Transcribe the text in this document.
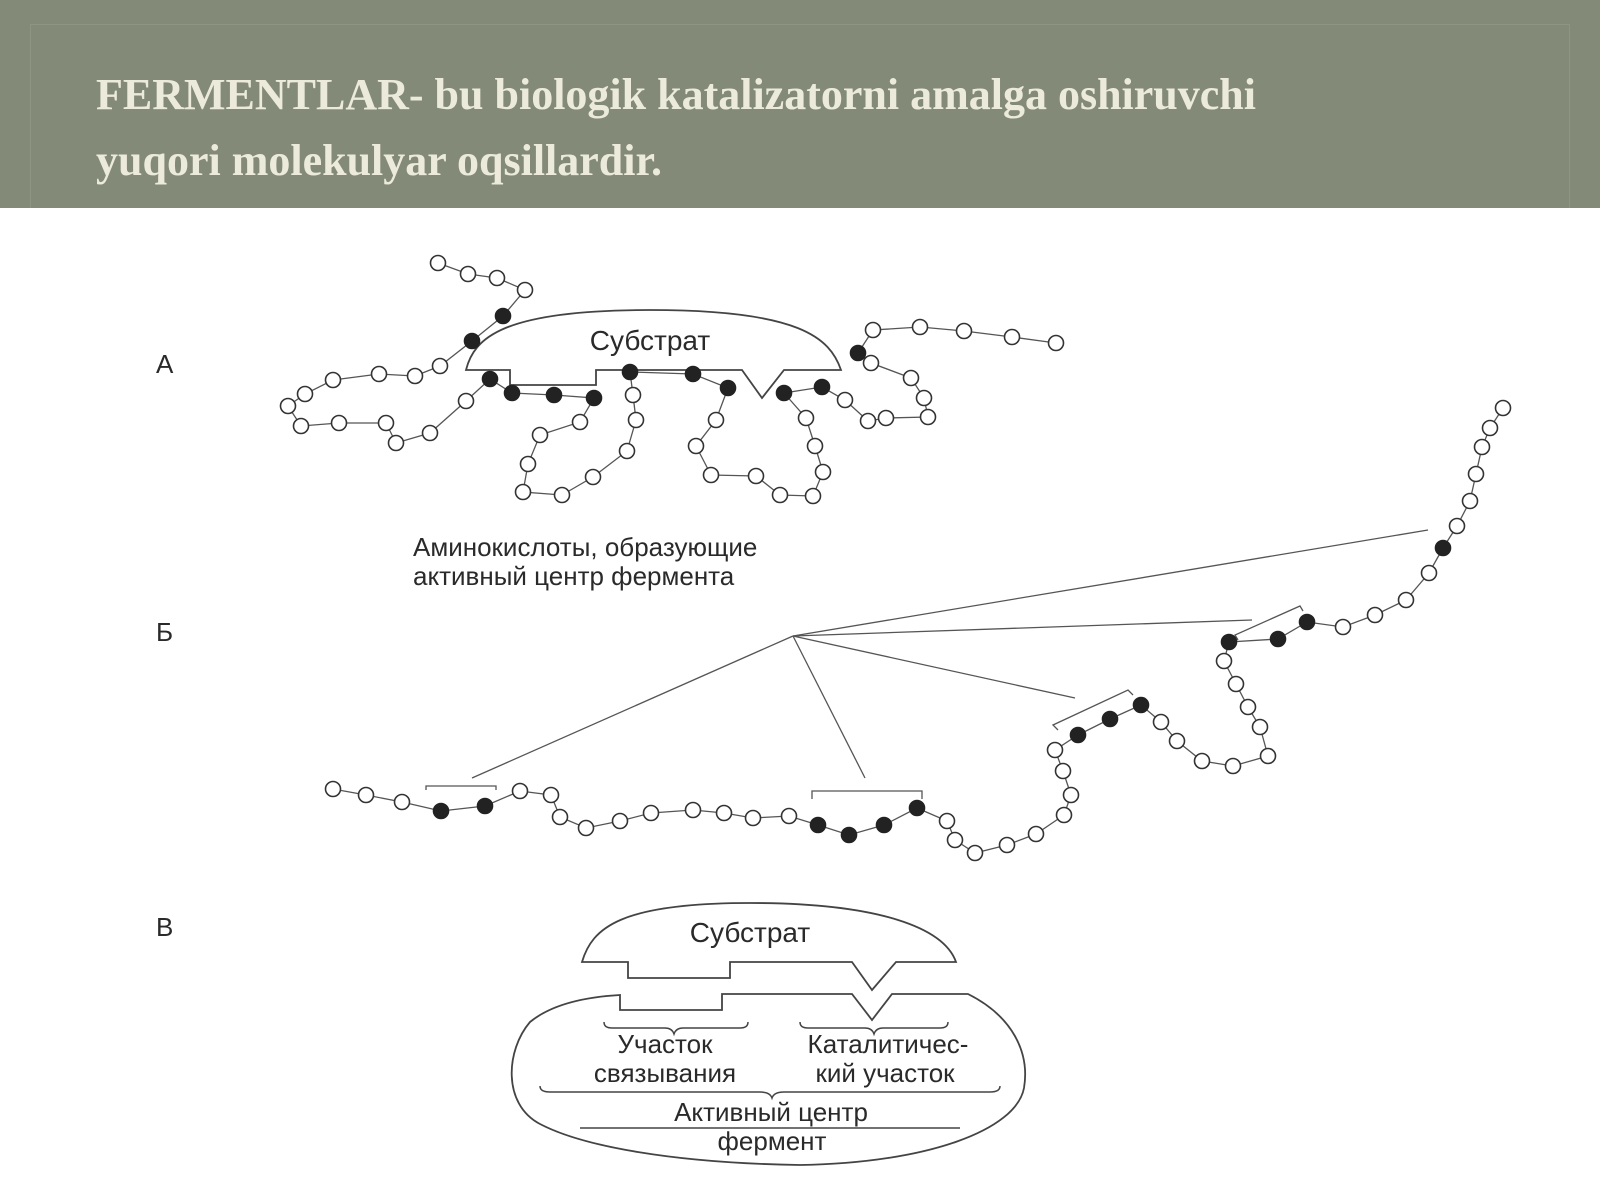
FERMENTLAR- bu biologik katalizatorni amalga oshiruvchi
yuqori molekulyar oqsillardir.
А
Б
В
Субстрат
Аминокислоты, образующие
активный центр фермента
Субстрат
Участок
связывания
Каталитичес-
кий участок
Активный центр
фермент
